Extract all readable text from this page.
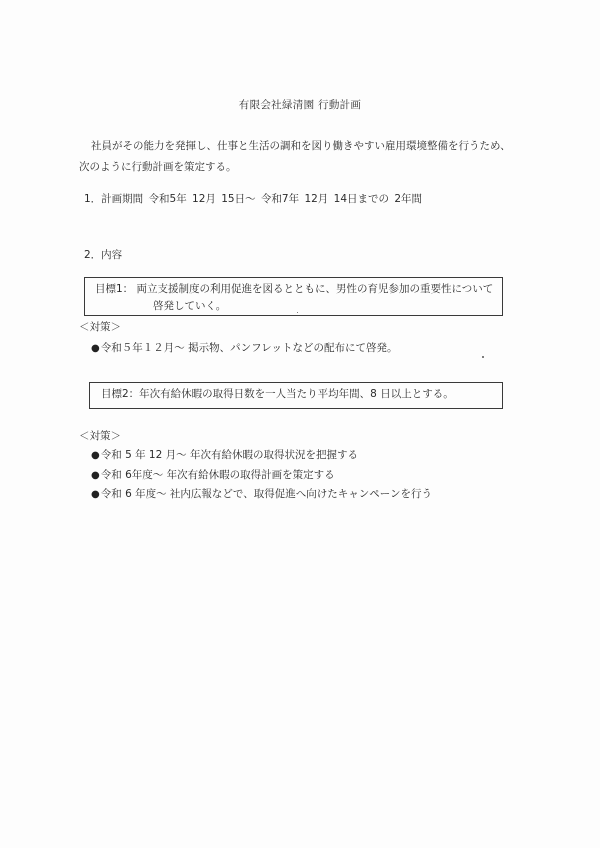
有限会社緑清園 行動計画

社員がその能力を発揮し、仕事と生活の調和を図り働きやすい雇用環境整備を行うため、

次のように行動計画を策定する。

1．計画期間 令和5年 12月 15日～ 令和7年 12月 14日までの 2年間
2．内容
目標1： 両立支援制度の利用促進を図るとともに、男性の育児参加の重要性について
啓発していく。
＜対策＞
●令和５年１２月～ 掲示物、パンフレットなどの配布にて啓発。
目標2：年次有給休暇の取得日数を一人当たり平均年間、8 日以上とする。
＜対策＞
●令和 5 年 12 月～ 年次有給休暇の取得状況を把握する
●令和 6年度～ 年次有給休暇の取得計画を策定する
●令和 6 年度～ 社内広報などで、取得促進へ向けたキャンペーンを行う
